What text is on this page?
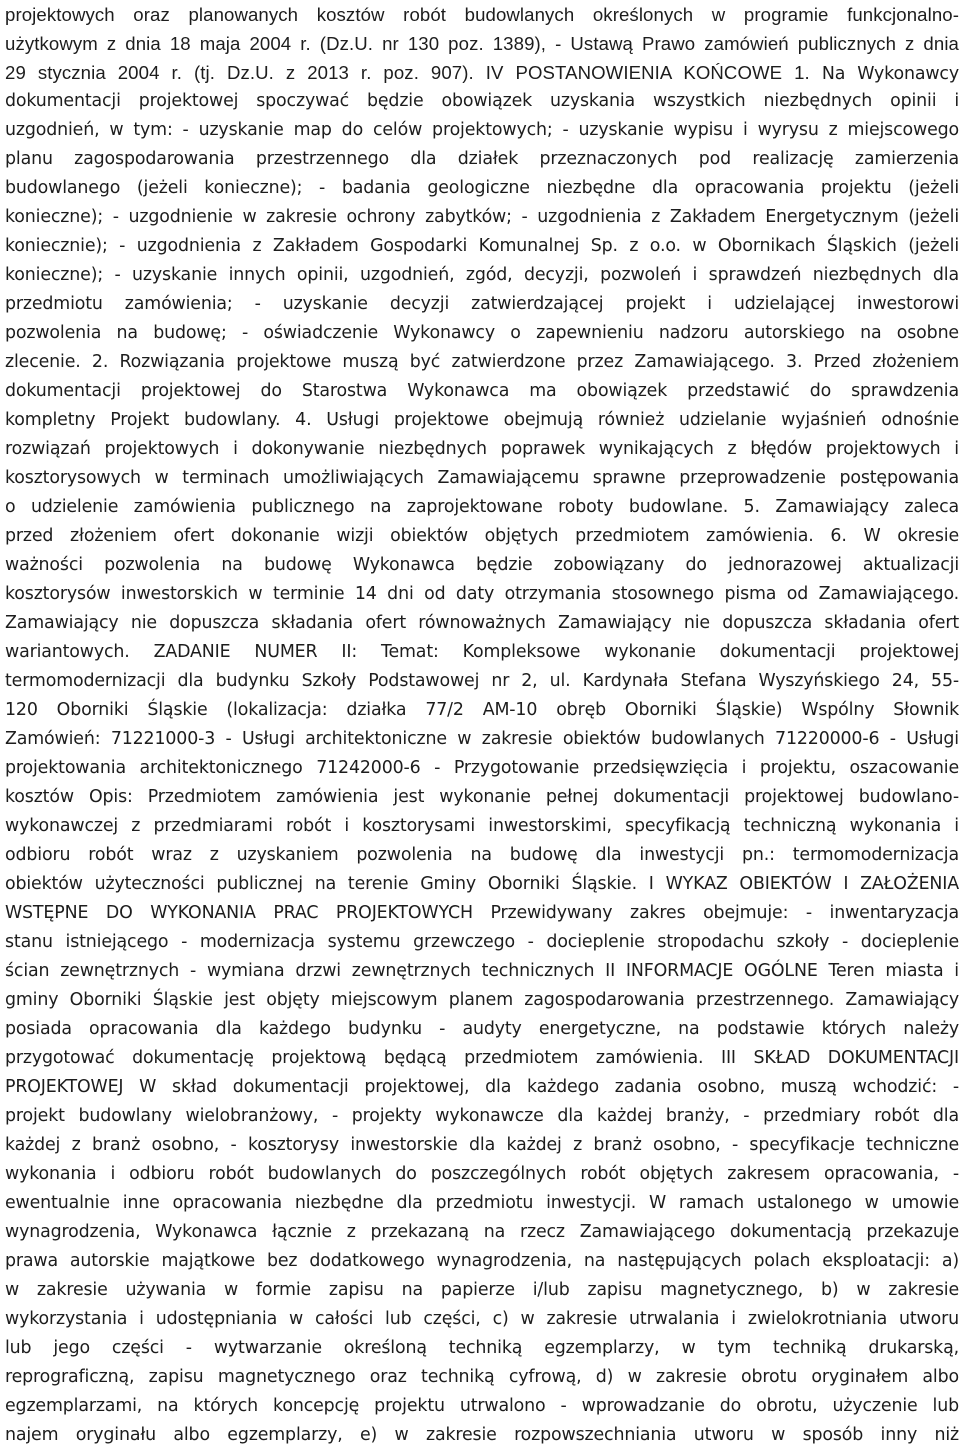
projektowych oraz planowanych kosztów robót budowlanych określonych w programie funkcjonalno-
użytkowym z dnia 18 maja 2004 r. (Dz.U. nr 130 poz. 1389), - Ustawą Prawo zamówień publicznych z dnia
29 stycznia 2004 r. (tj. Dz.U. z 2013 r. poz. 907). IV POSTANOWIENIA KOŃCOWE 1. Na Wykonawcy
dokumentacji projektowej spoczywać będzie obowiązek uzyskania wszystkich niezbędnych opinii i
uzgodnień, w tym: - uzyskanie map do celów projektowych; - uzyskanie wypisu i wyrysu z miejscowego
planu zagospodarowania przestrzennego dla działek przeznaczonych pod realizację zamierzenia
budowlanego (jeżeli konieczne); - badania geologiczne niezbędne dla opracowania projektu (jeżeli
konieczne); - uzgodnienie w zakresie ochrony zabytków; - uzgodnienia z Zakładem Energetycznym (jeżeli
koniecznie); - uzgodnienia z Zakładem Gospodarki Komunalnej Sp. z o.o. w Obornikach Śląskich (jeżeli
konieczne); - uzyskanie innych opinii, uzgodnień, zgód, decyzji, pozwoleń i sprawdzeń niezbędnych dla
przedmiotu zamówienia; - uzyskanie decyzji zatwierdzającej projekt i udzielającej inwestorowi
pozwolenia na budowę; - oświadczenie Wykonawcy o zapewnieniu nadzoru autorskiego na osobne
zlecenie. 2. Rozwiązania projektowe muszą być zatwierdzone przez Zamawiającego. 3. Przed złożeniem
dokumentacji projektowej do Starostwa Wykonawca ma obowiązek przedstawić do sprawdzenia
kompletny Projekt budowlany. 4. Usługi projektowe obejmują również udzielanie wyjaśnień odnośnie
rozwiązań projektowych i dokonywanie niezbędnych poprawek wynikających z błędów projektowych i
kosztorysowych w terminach umożliwiających Zamawiającemu sprawne przeprowadzenie postępowania
o udzielenie zamówienia publicznego na zaprojektowane roboty budowlane. 5. Zamawiający zaleca
przed złożeniem ofert dokonanie wizji obiektów objętych przedmiotem zamówienia. 6. W okresie
ważności pozwolenia na budowę Wykonawca będzie zobowiązany do jednorazowej aktualizacji
kosztorysów inwestorskich w terminie 14 dni od daty otrzymania stosownego pisma od Zamawiającego.
Zamawiający nie dopuszcza składania ofert równoważnych Zamawiający nie dopuszcza składania ofert
wariantowych. ZADANIE NUMER II: Temat: Kompleksowe wykonanie dokumentacji projektowej
termomodernizacji dla budynku Szkoły Podstawowej nr 2, ul. Kardynała Stefana Wyszyńskiego 24, 55-
120 Oborniki Śląskie (lokalizacja: działka 77/2 AM-10 obręb Oborniki Śląskie) Wspólny Słownik
Zamówień: 71221000-3 - Usługi architektoniczne w zakresie obiektów budowlanych 71220000-6 - Usługi
projektowania architektonicznego 71242000-6 - Przygotowanie przedsięwzięcia i projektu, oszacowanie
kosztów Opis: Przedmiotem zamówienia jest wykonanie pełnej dokumentacji projektowej budowlano-
wykonawczej z przedmiarami robót i kosztorysami inwestorskimi, specyfikacją techniczną wykonania i
odbioru robót wraz z uzyskaniem pozwolenia na budowę dla inwestycji pn.: termomodernizacja
obiektów użyteczności publicznej na terenie Gminy Oborniki Śląskie. I WYKAZ OBIEKTÓW I ZAŁOŻENIA
WSTĘPNE DO WYKONANIA PRAC PROJEKTOWYCH Przewidywany zakres obejmuje: - inwentaryzacja
stanu istniejącego - modernizacja systemu grzewczego - docieplenie stropodachu szkoły - docieplenie
ścian zewnętrznych - wymiana drzwi zewnętrznych technicznych II INFORMACJE OGÓLNE Teren miasta i
gminy Oborniki Śląskie jest objęty miejscowym planem zagospodarowania przestrzennego. Zamawiający
posiada opracowania dla każdego budynku - audyty energetyczne, na podstawie których należy
przygotować dokumentację projektową będącą przedmiotem zamówienia. III SKŁAD DOKUMENTACJI
PROJEKTOWEJ W skład dokumentacji projektowej, dla każdego zadania osobno, muszą wchodzić: -
projekt budowlany wielobranżowy, - projekty wykonawcze dla każdej branży, - przedmiary robót dla
każdej z branż osobno, - kosztorysy inwestorskie dla każdej z branż osobno, - specyfikacje techniczne
wykonania i odbioru robót budowlanych do poszczególnych robót objętych zakresem opracowania, -
ewentualnie inne opracowania niezbędne dla przedmiotu inwestycji. W ramach ustalonego w umowie
wynagrodzenia, Wykonawca łącznie z przekazaną na rzecz Zamawiającego dokumentacją przekazuje
prawa autorskie majątkowe bez dodatkowego wynagrodzenia, na następujących polach eksploatacji: a)
w zakresie używania w formie zapisu na papierze i/lub zapisu magnetycznego, b) w zakresie
wykorzystania i udostępniania w całości lub części, c) w zakresie utrwalania i zwielokrotniania utworu
lub jego części - wytwarzanie określoną techniką egzemplarzy, w tym techniką drukarską,
reprograficzną, zapisu magnetycznego oraz techniką cyfrową, d) w zakresie obrotu oryginałem albo
egzemplarzami, na których koncepcję projektu utrwalono - wprowadzanie do obrotu, użyczenie lub
najem oryginału albo egzemplarzy, e) w zakresie rozpowszechniania utworu w sposób inny niż
